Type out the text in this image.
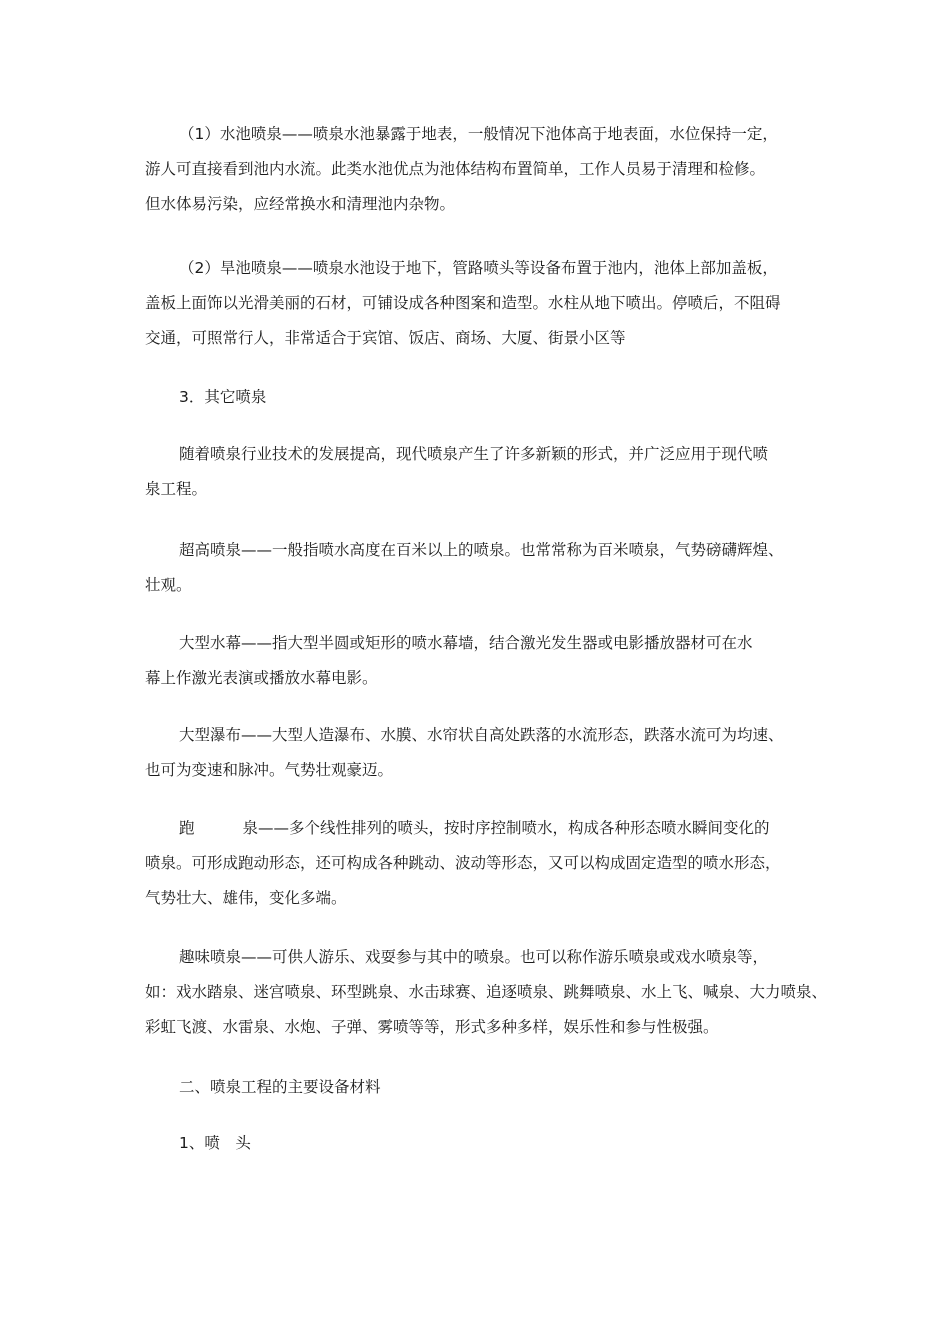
（1）水池喷泉——喷泉水池暴露于地表，一般情况下池体高于地表面，水位保持一定，
游人可直接看到池内水流。此类水池优点为池体结构布置简单，工作人员易于清理和检修。
但水体易污染，应经常换水和清理池内杂物。
（2）旱池喷泉——喷泉水池设于地下，管路喷头等设备布置于池内，池体上部加盖板，
盖板上面饰以光滑美丽的石材，可铺设成各种图案和造型。水柱从地下喷出。停喷后，不阻碍
交通，可照常行人，非常适合于宾馆、饭店、商场、大厦、街景小区等
3．其它喷泉
随着喷泉行业技术的发展提高，现代喷泉产生了许多新颖的形式，并广泛应用于现代喷
泉工程。
超高喷泉——一般指喷水高度在百米以上的喷泉。也常常称为百米喷泉，气势磅礴辉煌、
壮观。
大型水幕——指大型半圆或矩形的喷水幕墙，结合激光发生器或电影播放器材可在水
幕上作激光表演或播放水幕电影。
大型瀑布——大型人造瀑布、水膜、水帘状自高处跌落的水流形态，跌落水流可为均速、
也可为变速和脉冲。气势壮观豪迈。
跑	泉——多个线性排列的喷头，按时序控制喷水，构成各种形态喷水瞬间变化的
喷泉。可形成跑动形态，还可构成各种跳动、波动等形态，又可以构成固定造型的喷水形态，
气势壮大、雄伟，变化多端。
趣味喷泉——可供人游乐、戏耍参与其中的喷泉。也可以称作游乐喷泉或戏水喷泉等，
如：戏水踏泉、迷宫喷泉、环型跳泉、水击球赛、追逐喷泉、跳舞喷泉、水上飞、喊泉、大力喷泉、
彩虹飞渡、水雷泉、水炮、子弹、雾喷等等，形式多种多样，娱乐性和参与性极强。
二、喷泉工程的主要设备材料
1、喷　头
